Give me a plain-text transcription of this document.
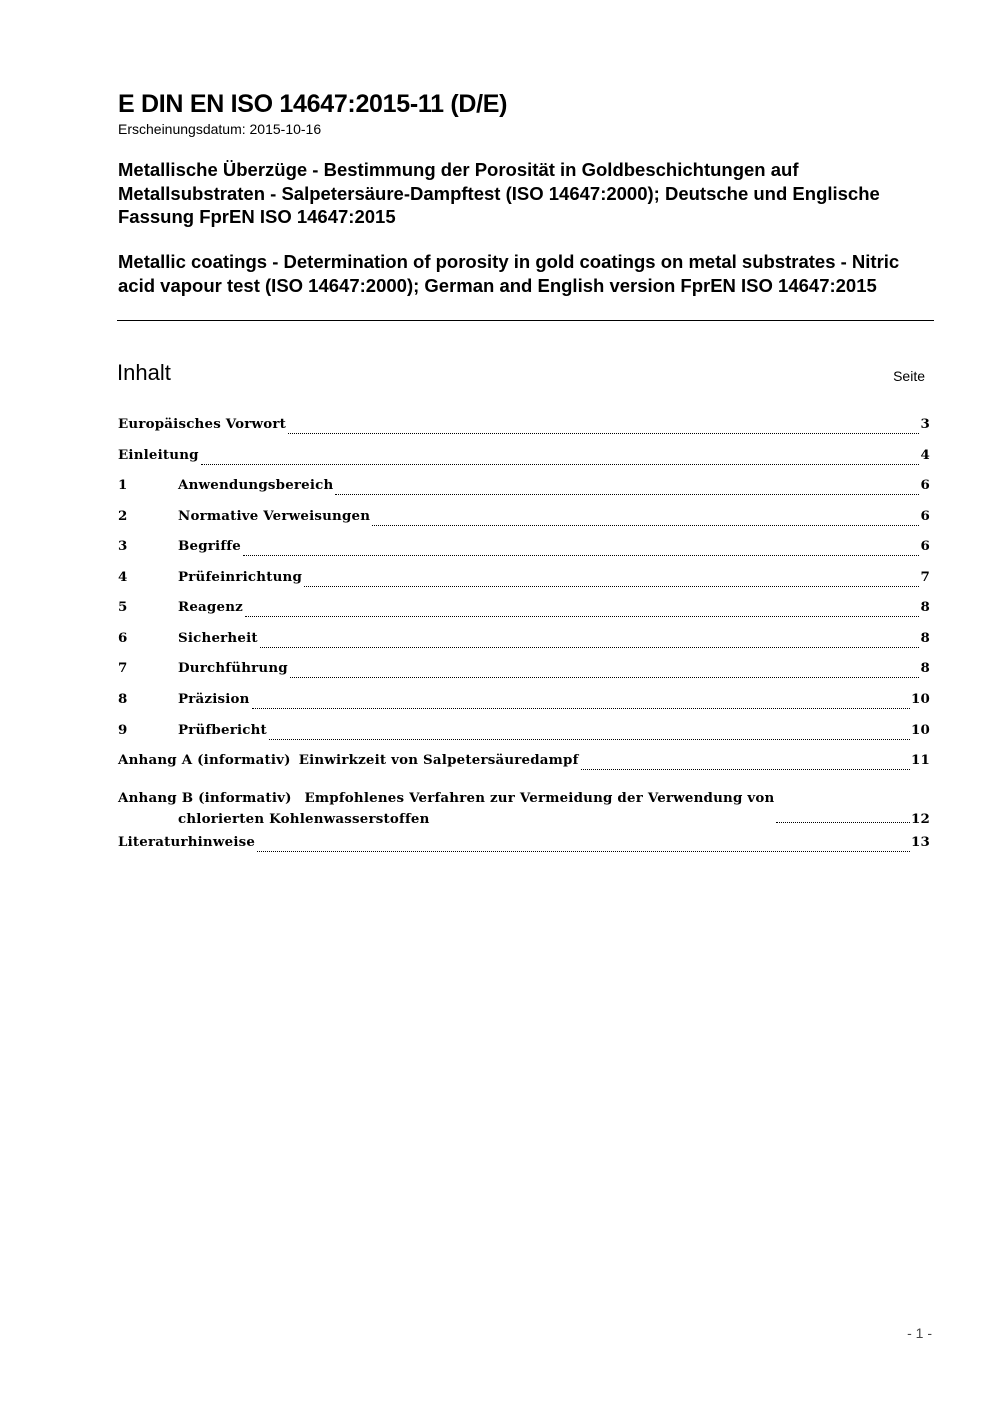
E DIN EN ISO 14647:2015-11 (D/E)
Erscheinungsdatum: 2015-10-16
Metallische Überzüge - Bestimmung der Porosität in Goldbeschichtungen auf Metallsubstraten - Salpetersäure-Dampftest (ISO 14647:2000); Deutsche und Englische Fassung FprEN ISO 14647:2015
Metallic coatings - Determination of porosity in gold coatings on metal substrates - Nitric acid vapour test (ISO 14647:2000); German and English version FprEN ISO 14647:2015
Inhalt	Seite
Europäisches Vorwort	3
Einleitung	4
1	Anwendungsbereich	6
2	Normative Verweisungen	6
3	Begriffe	6
4	Prüfeinrichtung	7
5	Reagenz	8
6	Sicherheit	8
7	Durchführung	8
8	Präzision	10
9	Prüfbericht	10
Anhang A (informativ) Einwirkzeit von Salpetersäuredampf	11
Anhang B (informativ) Empfohlenes Verfahren zur Vermeidung der Verwendung von
chlorierten Kohlenwasserstoffen	12
Literaturhinweise	13
- 1 -
